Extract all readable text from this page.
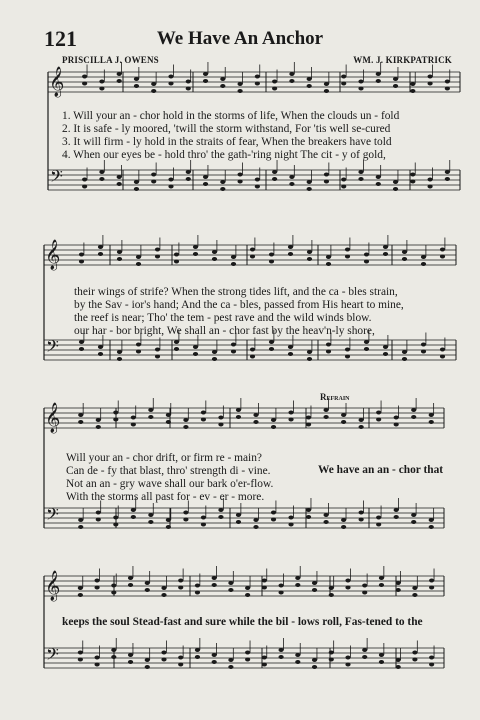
121	We Have An Anchor
PRISCILLA J. OWENS	WM. J. KIRKPATRICK
𝄞
𝄢
𝄞
𝄢
𝄞
𝄢
𝄞
𝄢
1. Will your an - chor hold in the storms of life, When the clouds un - fold
2. It is safe - ly moored, 'twill the storm withstand, For 'tis well se-cured
3. It will firm - ly hold in the straits of fear, When the breakers have told
4. When our eyes be - hold thro' the gath-'ring night The cit - y of gold,
their wings of strife? When the strong tides lift, and the ca - bles strain,
by the Sav - ior's hand; And the ca - bles, passed from His heart to mine,
the reef is near; Tho' the tem - pest rave and the wild winds blow.
our har - bor bright, We shall an - chor fast by the heav'n-ly shore,
Refrain
Will your an - chor drift, or firm re - main?
Can de - fy that blast, thro' strength di - vine.
Not an an - gry wave shall our bark o'er-flow.
With the storms all past for - ev - er - more.
We have an an - chor that
keeps the soul Stead-fast and sure while the bil - lows roll, Fas-tened to the
